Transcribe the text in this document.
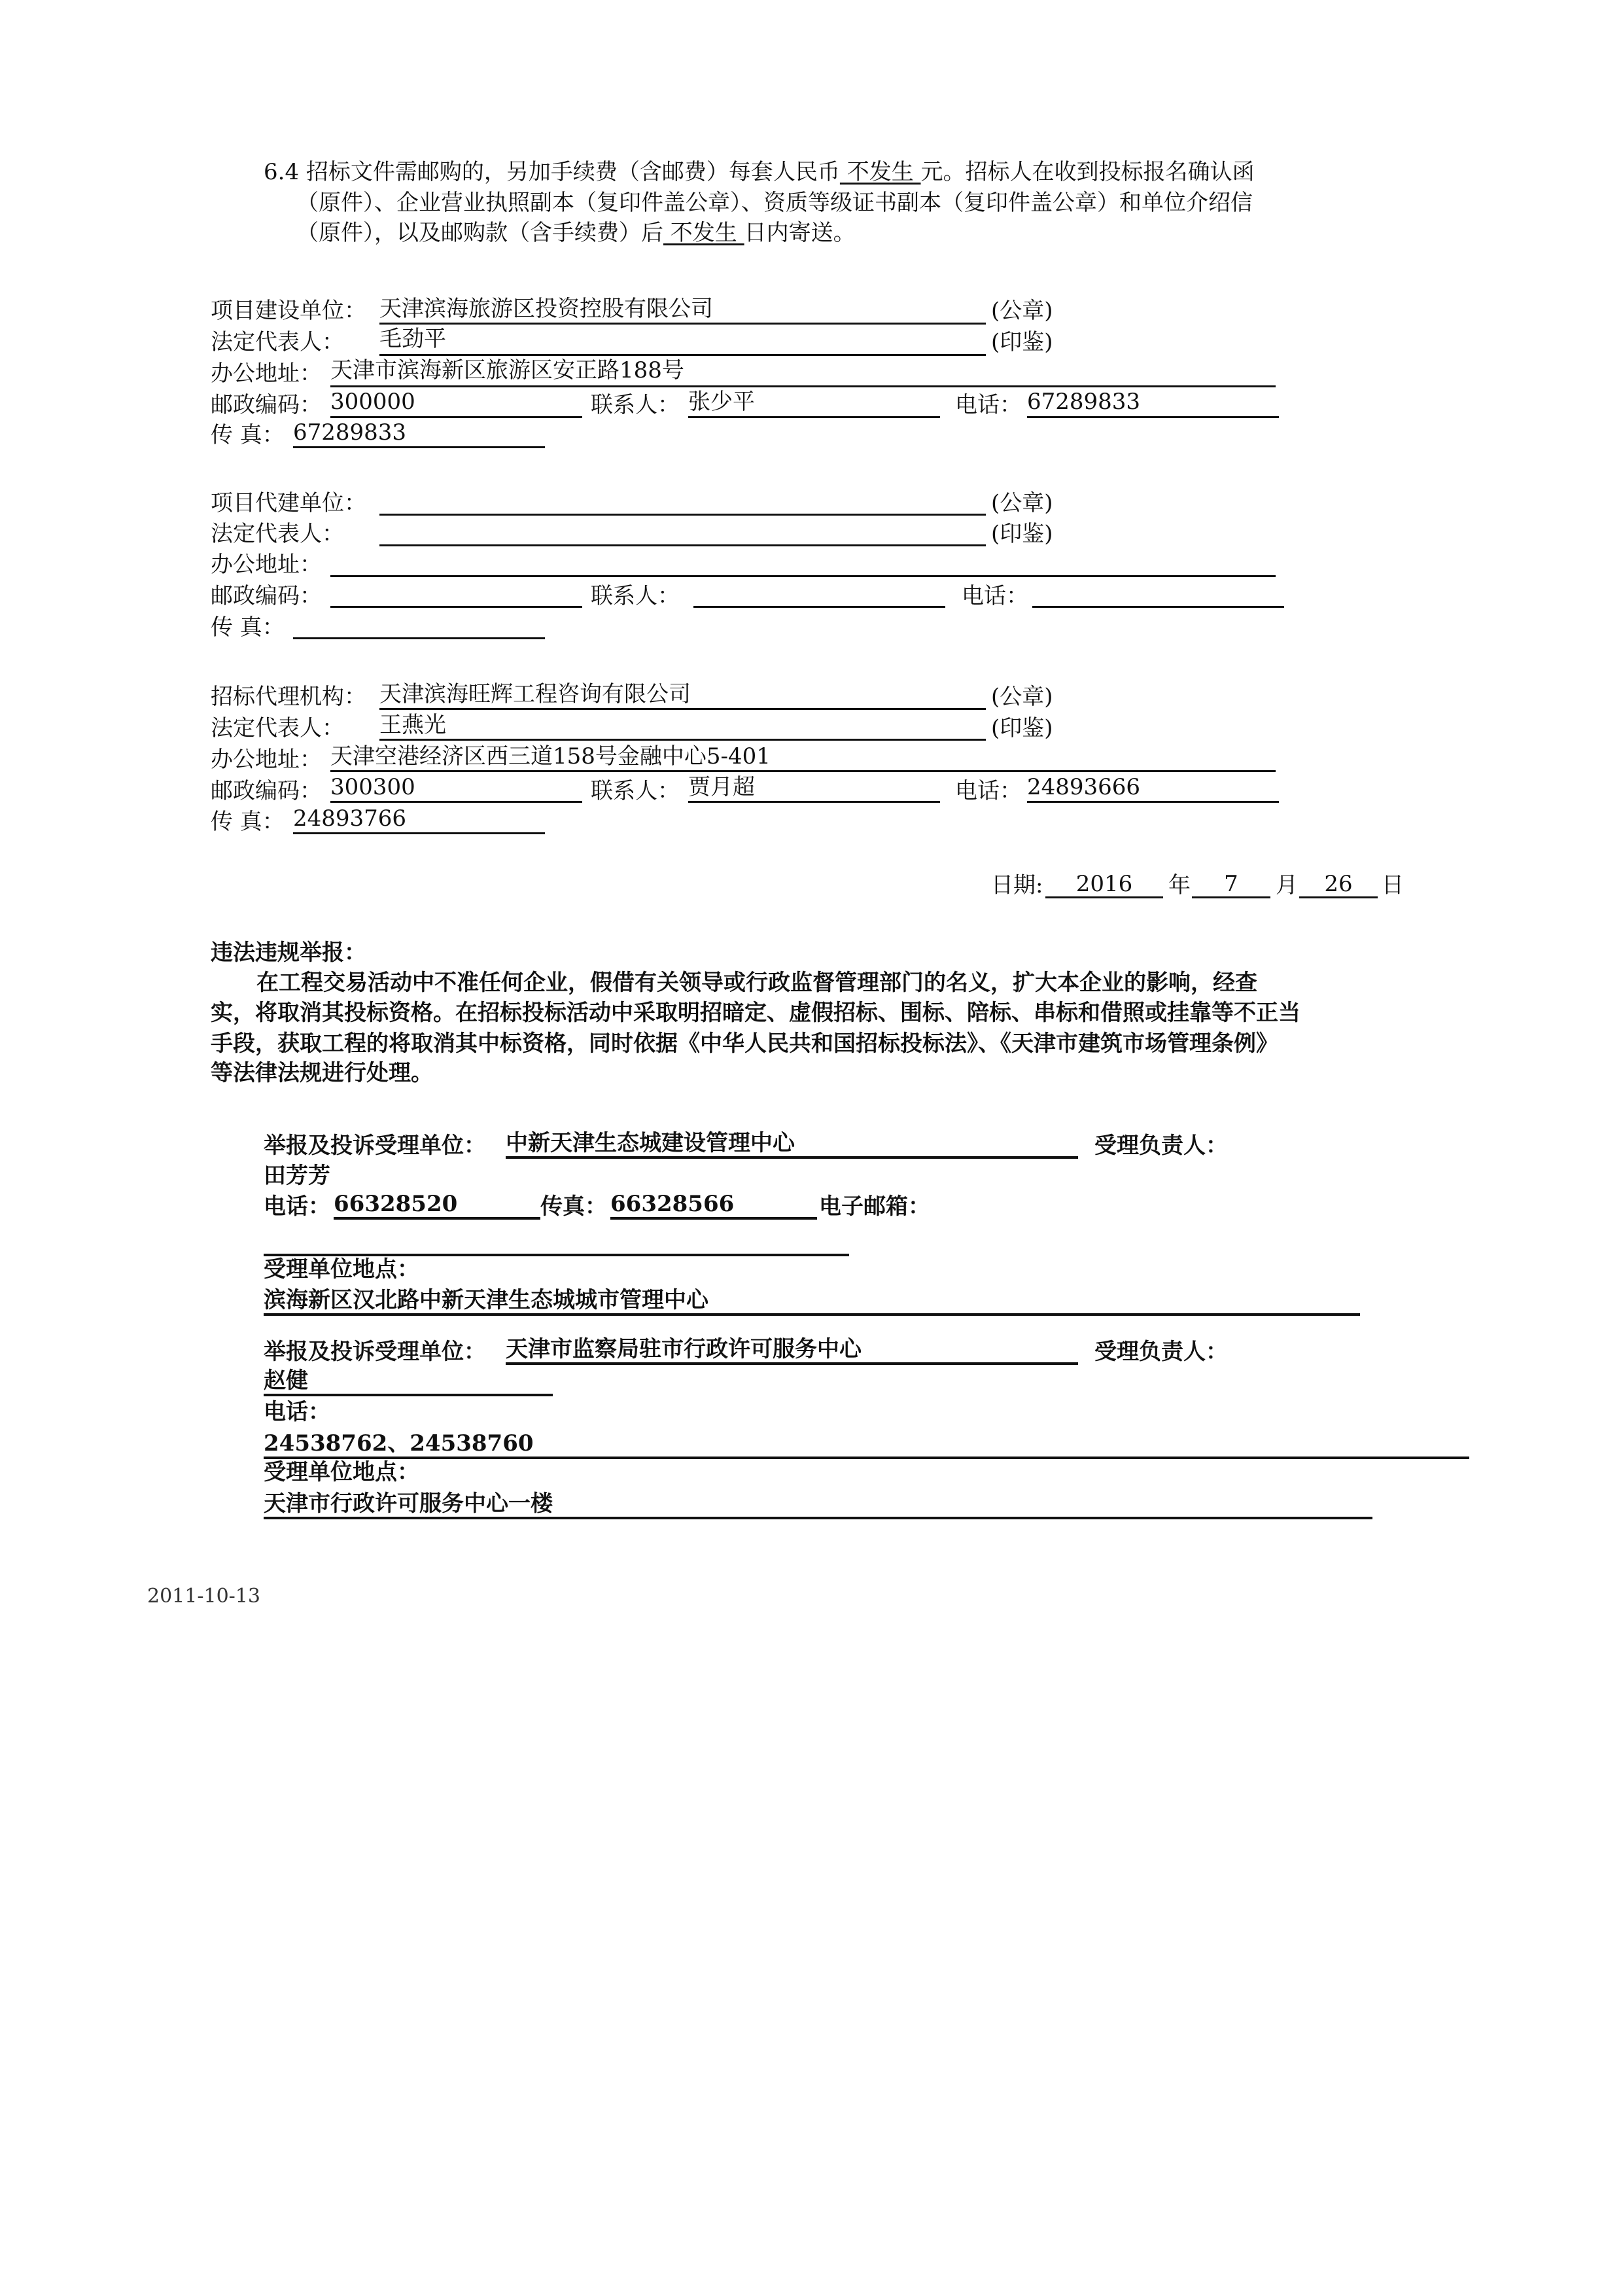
6.4 招标文件需邮购的，另加手续费（含邮费）每套人民币 不发生 元。招标人在收到投标报名确认函
（原件）、企业营业执照副本（复印件盖公章）、资质等级证书副本（复印件盖公章）和单位介绍信
（原件），以及邮购款（含手续费）后 不发生 日内寄送。
项目建设单位： 天津滨海旅游区投资控股有限公司	(公章)
法定代表人： 毛劲平	(印鉴)
办公地址： 天津市滨海新区旅游区安正路188号
邮政编码： 300000	联系人： 张少平	电话： 67289833
传 真： 67289833
项目代建单位：	(公章)
法定代表人：	(印鉴)
办公地址：
邮政编码：	联系人：	电话：
传 真：
招标代理机构： 天津滨海旺辉工程咨询有限公司	(公章)
法定代表人： 王燕光	(印鉴)
办公地址： 天津空港经济区西三道158号金融中心5-401
邮政编码： 300300	联系人： 贾月超	电话： 24893666
传 真： 24893766
日期:	2016	年	7	月	26	日
违法违规举报：
在工程交易活动中不准任何企业，假借有关领导或行政监督管理部门的名义，扩大本企业的影响，经查
实，将取消其投标资格。在招标投标活动中采取明招暗定、虚假招标、围标、陪标、串标和借照或挂靠等不正当
手段，获取工程的将取消其中标资格，同时依据《中华人民共和国招标投标法》、《天津市建筑市场管理条例》
等法律法规进行处理。
举报及投诉受理单位： 中新天津生态城建设管理中心	受理负责人：
田芳芳
电话： 66328520	传真： 66328566	电子邮箱：
受理单位地点：
滨海新区汉北路中新天津生态城城市管理中心
举报及投诉受理单位： 天津市监察局驻市行政许可服务中心	受理负责人：
赵健
电话：
24538762、24538760
受理单位地点：
天津市行政许可服务中心一楼
2011-10-13
